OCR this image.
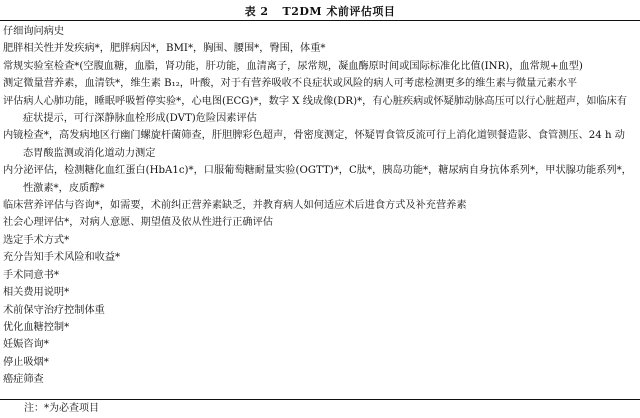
表 2 T2DM 术前评估项目
仔细询问病史
肥胖相关性并发疾病*，肥胖病因*，BMI*，胸围、腰围*，臀围，体重*
常规实验室检查*(空腹血糖，血脂，肾功能，肝功能，血清离子，尿常规，凝血酶原时间或国际标准化比值(INR)，血常规+血型)
测定微量营养素，血清铁*，维生素 B₁₂，叶酸，对于有营养吸收不良症状或风险的病人可考虑检测更多的维生素与微量元素水平
评估病人心肺功能，睡眠呼吸暂停实验*，心电图(ECG)*，数字 X 线成像(DR)*，有心脏疾病或怀疑肺动脉高压可以行心脏超声，如临床有
症状提示，可行深静脉血栓形成(DVT)危险因素评估
内镜检查*，高发病地区行幽门螺旋杆菌筛查，肝胆脾彩色超声，骨密度测定，怀疑胃食管反流可行上消化道钡餐造影、食管测压、24 h 动
态胃酸监测或消化道动力测定
内分泌评估，检测糖化血红蛋白(HbA1c)*，口服葡萄糖耐量实验(OGTT)*，C肽*，胰岛功能*，糖尿病自身抗体系列*，甲状腺功能系列*，
性激素*，皮质醇*
临床营养评估与咨询*，如需要，术前纠正营养素缺乏，并教育病人如何适应术后进食方式及补充营养素
社会心理评估*，对病人意愿、期望值及依从性进行正确评估
选定手术方式*
充分告知手术风险和收益*
手术同意书*
相关费用说明*
术前保守治疗控制体重
优化血糖控制*
妊娠咨询*
停止吸烟*
癌症筛查
注：*为必查项目
